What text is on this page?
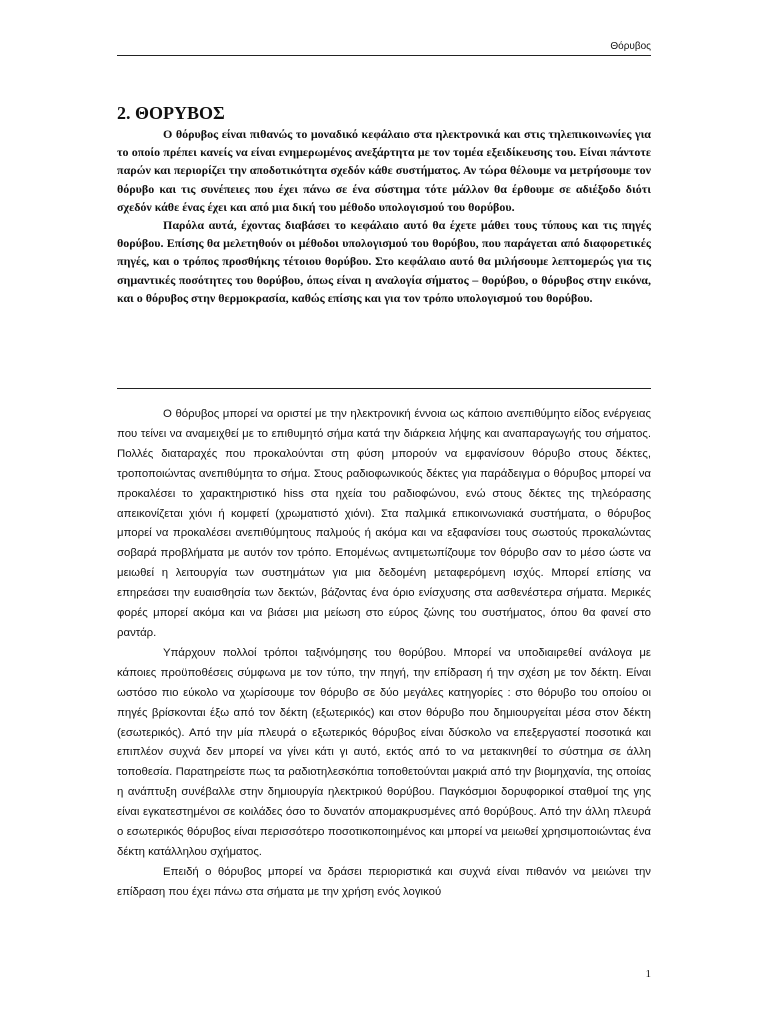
Θόρυβος
2. ΘΟΡΥΒΟΣ

Ο θόρυβος είναι πιθανώς το μοναδικό κεφάλαιο στα ηλεκτρονικά και στις τηλεπικοινωνίες για το οποίο πρέπει κανείς να είναι ενημερωμένος ανεξάρτητα με τον τομέα εξειδίκευσης του. Είναι πάντοτε παρών και περιορίζει την αποδοτικότητα σχεδόν κάθε συστήματος. Αν τώρα θέλουμε να μετρήσουμε τον θόρυβο και τις συνέπειες που έχει πάνω σε ένα σύστημα τότε μάλλον θα έρθουμε σε αδιέξοδο διότι σχεδόν κάθε ένας έχει και από μια δική του μέθοδο υπολογισμού του θορύβου.

Παρόλα αυτά, έχοντας διαβάσει το κεφάλαιο αυτό θα έχετε μάθει τους τύπους και τις πηγές θορύβου. Επίσης θα μελετηθούν οι μέθοδοι υπολογισμού του θορύβου, που παράγεται από διαφορετικές πηγές, και ο τρόπος προσθήκης τέτοιου θορύβου. Στο κεφάλαιο αυτό θα μιλήσουμε λεπτομερώς για τις σημαντικές ποσότητες του θορύβου, όπως είναι η αναλογία σήματος – θορύβου, ο θόρυβος στην εικόνα, και ο θόρυβος στην θερμοκρασία, καθώς επίσης και για τον τρόπο υπολογισμού του θορύβου.

Ο θόρυβος μπορεί να οριστεί με την ηλεκτρονική έννοια ως κάποιο ανεπιθύμητο είδος ενέργειας που τείνει να αναμειχθεί με το επιθυμητό σήμα κατά την διάρκεια λήψης και αναπαραγωγής του σήματος. Πολλές διαταραχές που προκαλούνται στη φύση μπορούν να εμφανίσουν θόρυβο στους δέκτες, τροποποιώντας ανεπιθύμητα το σήμα. Στους ραδιοφωνικούς δέκτες για παράδειγμα ο θόρυβος μπορεί να προκαλέσει το χαρακτηριστικό hiss στα ηχεία του ραδιοφώνου, ενώ στους δέκτες της τηλεόρασης απεικονίζεται χιόνι ή κομφετί (χρωματιστό χιόνι). Στα παλμικά επικοινωνιακά συστήματα, ο θόρυβος μπορεί να προκαλέσει ανεπιθύμητους παλμούς ή ακόμα και να εξαφανίσει τους σωστούς προκαλώντας σοβαρά προβλήματα με αυτόν τον τρόπο. Επομένως αντιμετωπίζουμε τον θόρυβο σαν το μέσο ώστε να μειωθεί η λειτουργία των συστημάτων για μια δεδομένη μεταφερόμενη ισχύς. Μπορεί επίσης να επηρεάσει την ευαισθησία των δεκτών, βάζοντας ένα όριο ενίσχυσης στα ασθενέστερα σήματα. Μερικές φορές μπορεί ακόμα και να βιάσει μια μείωση στο εύρος ζώνης του συστήματος, όπου θα φανεί στο ραντάρ.

Υπάρχουν πολλοί τρόποι ταξινόμησης του θορύβου. Μπορεί να υποδιαιρεθεί ανάλογα με κάποιες προϋποθέσεις σύμφωνα με τον τύπο, την πηγή, την επίδραση ή την σχέση με τον δέκτη. Είναι ωστόσο πιο εύκολο να χωρίσουμε τον θόρυβο σε δύο μεγάλες κατηγορίες : στο θόρυβο του οποίου οι πηγές βρίσκονται έξω από τον δέκτη (εξωτερικός) και στον θόρυβο που δημιουργείται μέσα στον δέκτη (εσωτερικός). Από την μία πλευρά ο εξωτερικός θόρυβος είναι δύσκολο να επεξεργαστεί ποσοτικά και επιπλέον συχνά δεν μπορεί να γίνει κάτι γι αυτό, εκτός από το να μετακινηθεί το σύστημα σε άλλη τοποθεσία. Παρατηρείστε πως τα ραδιοτηλεσκόπια τοποθετούνται μακριά από την βιομηχανία, της οποίας η ανάπτυξη συνέβαλλε στην δημιουργία ηλεκτρικού θορύβου. Παγκόσμιοι δορυφορικοί σταθμοί της γης είναι εγκατεστημένοι σε κοιλάδες όσο το δυνατόν απομακρυσμένες από θορύβους. Από την άλλη πλευρά ο εσωτερικός θόρυβος είναι περισσότερο ποσοτικοποιημένος και μπορεί να μειωθεί χρησιμοποιώντας ένα δέκτη κατάλληλου σχήματος.

Επειδή ο θόρυβος μπορεί να δράσει περιοριστικά και συχνά είναι πιθανόν να μειώνει την επίδραση που έχει πάνω στα σήματα με την χρήση ενός λογικού

1
